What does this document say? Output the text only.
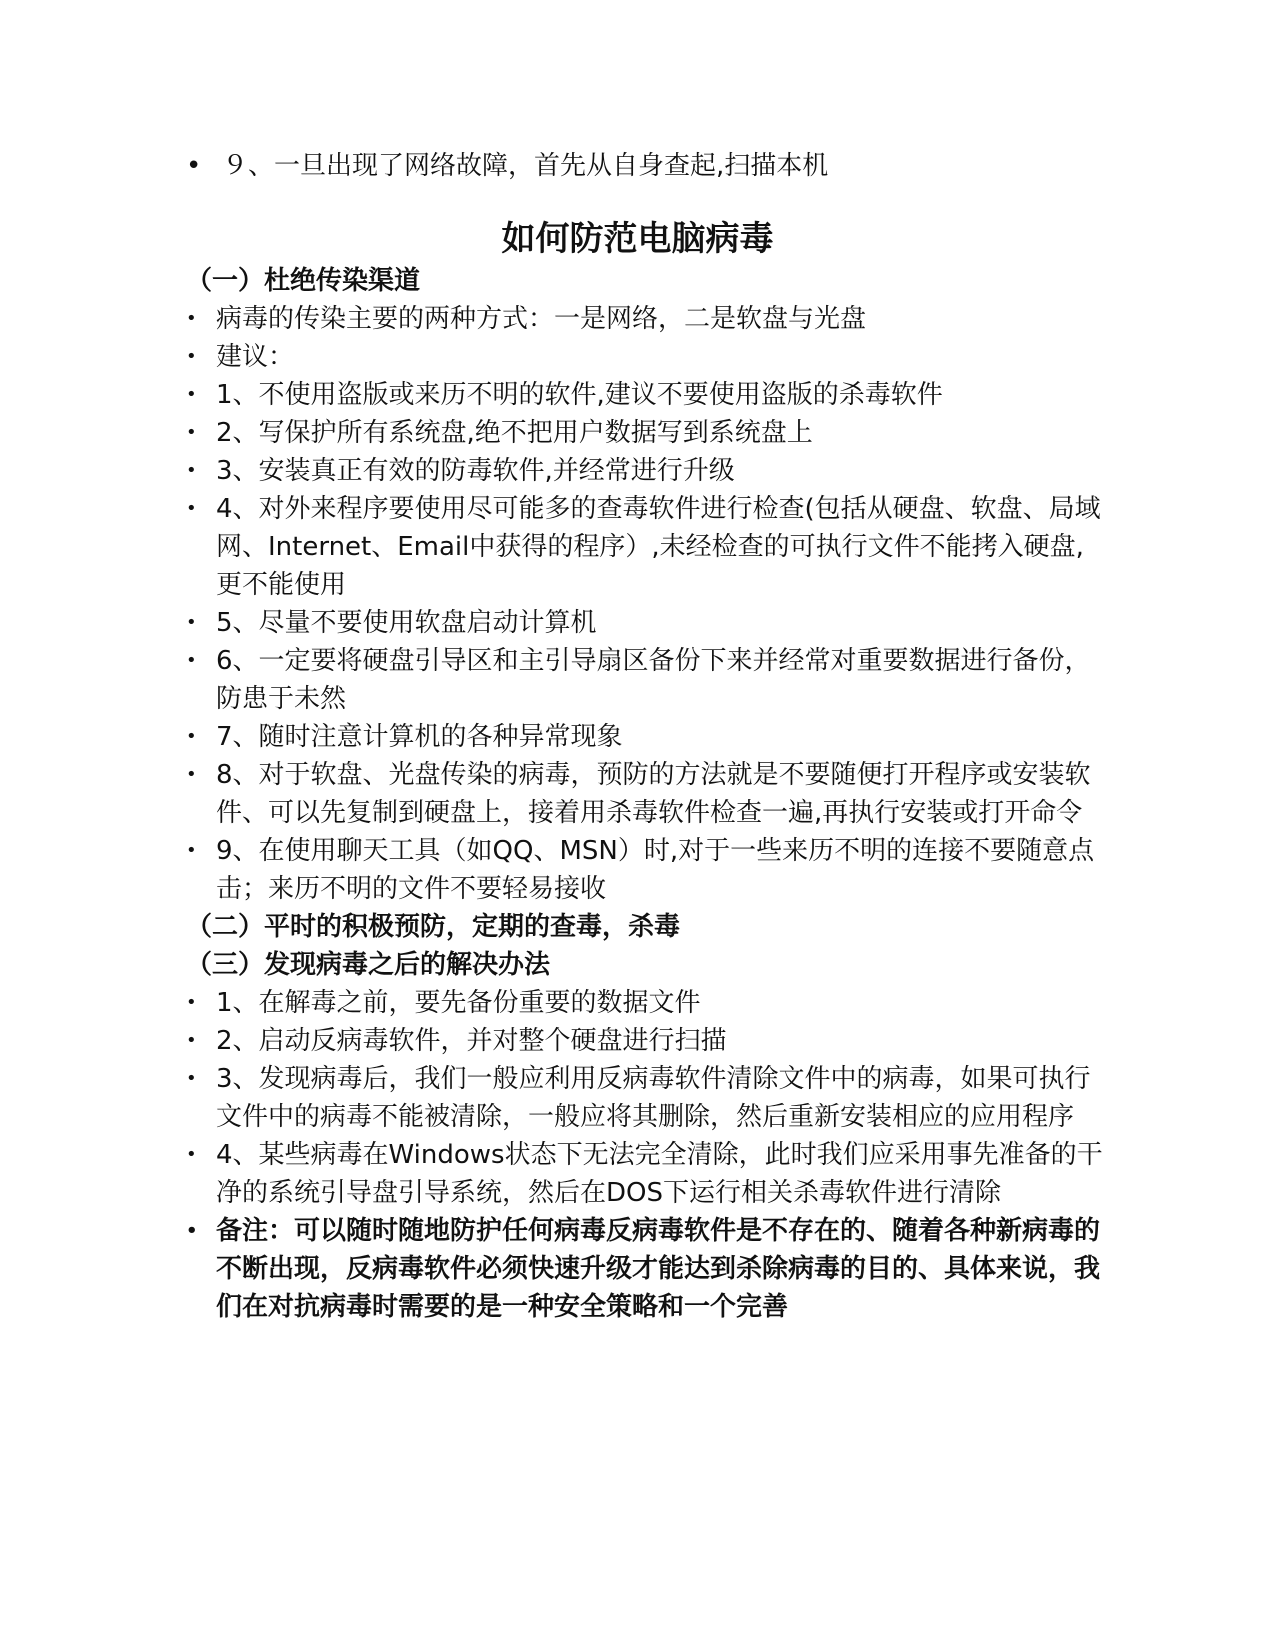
• ９、一旦出现了网络故障，首先从自身查起,扫描本机
如何防范电脑病毒
（一）杜绝传染渠道
• 病毒的传染主要的两种方式：一是网络，二是软盘与光盘
• 建议：
• 1、不使用盗版或来历不明的软件,建议不要使用盗版的杀毒软件
• 2、写保护所有系统盘,绝不把用户数据写到系统盘上
• 3、安装真正有效的防毒软件,并经常进行升级
• 4、对外来程序要使用尽可能多的查毒软件进行检查(包括从硬盘、软盘、局域网、Internet、Email中获得的程序）,未经检查的可执行文件不能拷入硬盘,更不能使用
• 5、尽量不要使用软盘启动计算机
• 6、一定要将硬盘引导区和主引导扇区备份下来并经常对重要数据进行备份，防患于未然
• 7、随时注意计算机的各种异常现象
• 8、对于软盘、光盘传染的病毒，预防的方法就是不要随便打开程序或安装软件、可以先复制到硬盘上，接着用杀毒软件检查一遍,再执行安装或打开命令
• 9、在使用聊天工具（如QQ、MSN）时,对于一些来历不明的连接不要随意点击；来历不明的文件不要轻易接收
（二）平时的积极预防，定期的查毒，杀毒
（三）发现病毒之后的解决办法
• 1、在解毒之前，要先备份重要的数据文件
• 2、启动反病毒软件，并对整个硬盘进行扫描
• 3、发现病毒后，我们一般应利用反病毒软件清除文件中的病毒，如果可执行文件中的病毒不能被清除，一般应将其删除，然后重新安装相应的应用程序
• 4、某些病毒在Windows状态下无法完全清除，此时我们应采用事先准备的干净的系统引导盘引导系统，然后在DOS下运行相关杀毒软件进行清除
• 备注：可以随时随地防护任何病毒反病毒软件是不存在的、随着各种新病毒的不断出现，反病毒软件必须快速升级才能达到杀除病毒的目的、具体来说，我们在对抗病毒时需要的是一种安全策略和一个完善
